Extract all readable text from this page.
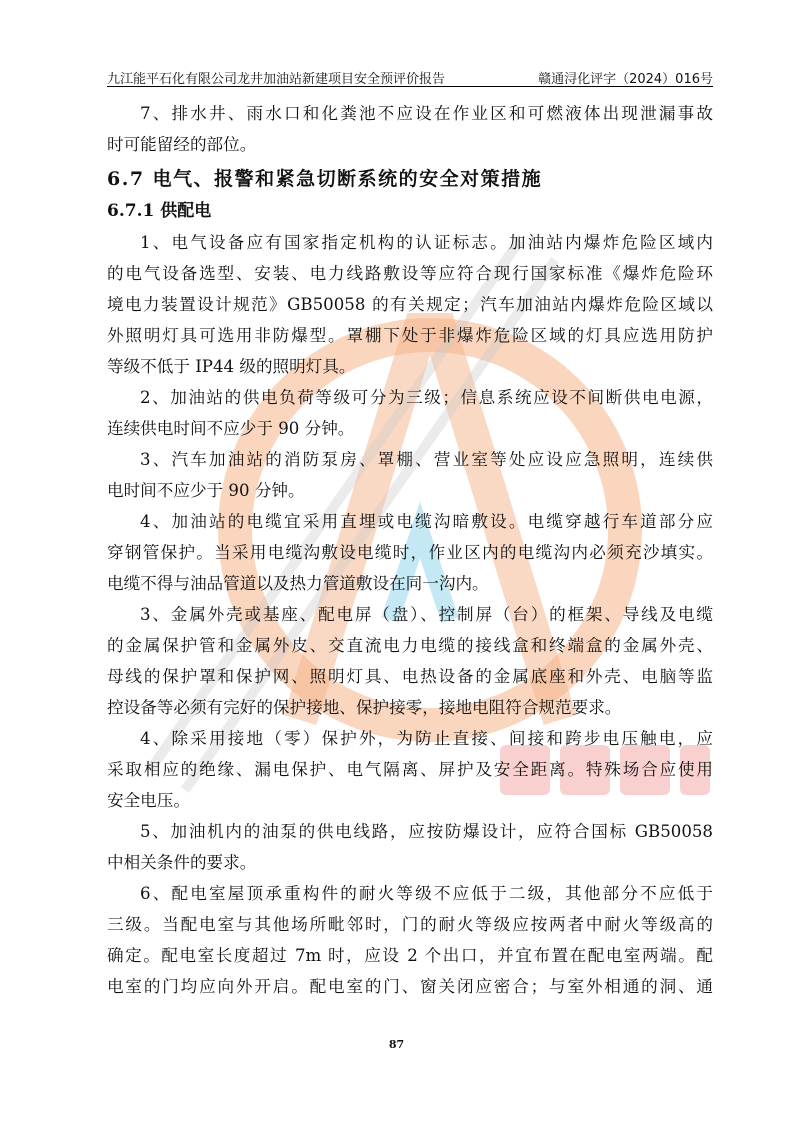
九江能平石化有限公司龙井加油站新建项目安全预评价报告	赣通浔化评字（2024）016号
7、排水井、雨水口和化粪池不应设在作业区和可燃液体出现泄漏事故
时可能留经的部位。
6.7 电气、报警和紧急切断系统的安全对策措施
6.7.1 供配电
1、电气设备应有国家指定机构的认证标志。加油站内爆炸危险区域内
的电气设备选型、安装、电力线路敷设等应符合现行国家标准《爆炸危险环
境电力装置设计规范》GB50058 的有关规定；汽车加油站内爆炸危险区域以
外照明灯具可选用非防爆型。罩棚下处于非爆炸危险区域的灯具应选用防护
等级不低于 IP44 级的照明灯具。
2、加油站的供电负荷等级可分为三级；信息系统应设不间断供电电源，
连续供电时间不应少于 90 分钟。
3、汽车加油站的消防泵房、罩棚、营业室等处应设应急照明，连续供
电时间不应少于 90 分钟。
4、加油站的电缆宜采用直埋或电缆沟暗敷设。电缆穿越行车道部分应
穿钢管保护。当采用电缆沟敷设电缆时，作业区内的电缆沟内必须充沙填实。
电缆不得与油品管道以及热力管道敷设在同一沟内。
3、金属外壳或基座、配电屏（盘）、控制屏（台）的框架、导线及电缆
的金属保护管和金属外皮、交直流电力电缆的接线盒和终端盒的金属外壳、
母线的保护罩和保护网、照明灯具、电热设备的金属底座和外壳、电脑等监
控设备等必须有完好的保护接地、保护接零，接地电阻符合规范要求。
4、除采用接地（零）保护外，为防止直接、间接和跨步电压触电，应
采取相应的绝缘、漏电保护、电气隔离、屏护及安全距离。特殊场合应使用
安全电压。
5、加油机内的油泵的供电线路，应按防爆设计，应符合国标 GB50058
中相关条件的要求。
6、配电室屋顶承重构件的耐火等级不应低于二级，其他部分不应低于
三级。当配电室与其他场所毗邻时，门的耐火等级应按两者中耐火等级高的
确定。配电室长度超过 7m 时，应设 2 个出口，并宜布置在配电室两端。配
电室的门均应向外开启。配电室的门、窗关闭应密合；与室外相通的洞、通
87
